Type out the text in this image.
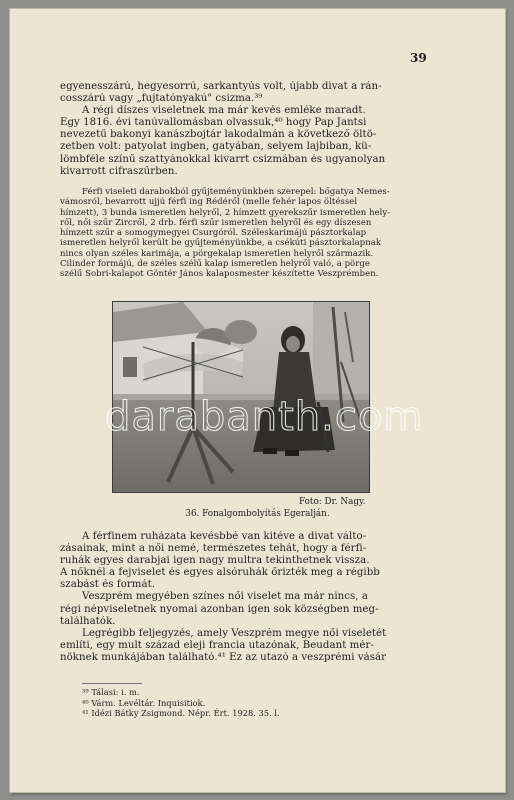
39
egyenesszárú, hegyesorrú, sarkantyús volt, újabb divat a rán-
cosszárú vagy „fujtatónyakú" csizma.³⁹
A régi díszes viseletnek ma már kevés emléke maradt.
Egy 1816. évi tanúvallomásban olvassuk,⁴⁰ hogy Pap Jantsi
nevezetű bakonyi kanászbojtár lakodalmán a következő öltö-
zetben volt: patyolat ingben, gatyában, selyem lajbiban, kü-
lömbféle színű szattyánokkal kivarrt csizmában és ugyanolyan
kivarrott cifraszűrben.
Férfi viseleti darabokból gyűjteményünkben szerepel: bőgatya Nemes-
vámosról, bevarrott ujjú férfi ing Rédéről (melle fehér lapos öltéssel
hímzett), 3 bunda ismeretlen helyről, 2 hímzett gyerekszűr ismeretlen hely-
ről, női szűr Zircről, 2 drb. férfi szűr ismeretlen helyről és egy díszesen
hímzett szűr a somogymegyei Csurgóról. Széleskarimájú pásztorkalap
ismeretlen helyről került be gyűjteményünkbe, a csékúti pásztorkalapnak
nincs olyan széles karimája, a pörgekalap ismeretlen helyről származik.
Cilinder formájú, de széles szélű kalap ismeretlen helyről való, a pörge
szélű Sobri-kalapot Göntér János kalaposmester készítette Veszprémben.
Foto: Dr. Nagy.
36. Fonalgombolyítás Egeralján.
A férfinem ruházata kevésbbé van kitéve a divat válto-
zásainak, mint a női nemé, természetes tehát, hogy a férfi-
ruhák egyes darabjai igen nagy multra tekinthetnek vissza.
A nőknél a fejviselet és egyes alsóruhák őrizték meg a régibb
szabást és formát.
Veszprém megyében színes női viselet ma már nincs, a
régi népviseletnek nyomai azonban igen sok községben meg-
találhatók.
Legrégibb feljegyzés, amely Veszprém megye női viseletét
említi, egy mult század eleji francia utazónak, Beudant mér-
nöknek munkájában található.⁴¹ Ez az utazó a veszprémi vásár
³⁹ Tálasi: i. m.
⁴⁰ Várm. Levéltár. Inquisitiok.
⁴¹ Idézi Bátky Zsigmond. Népr. Ért. 1928. 35. l.
